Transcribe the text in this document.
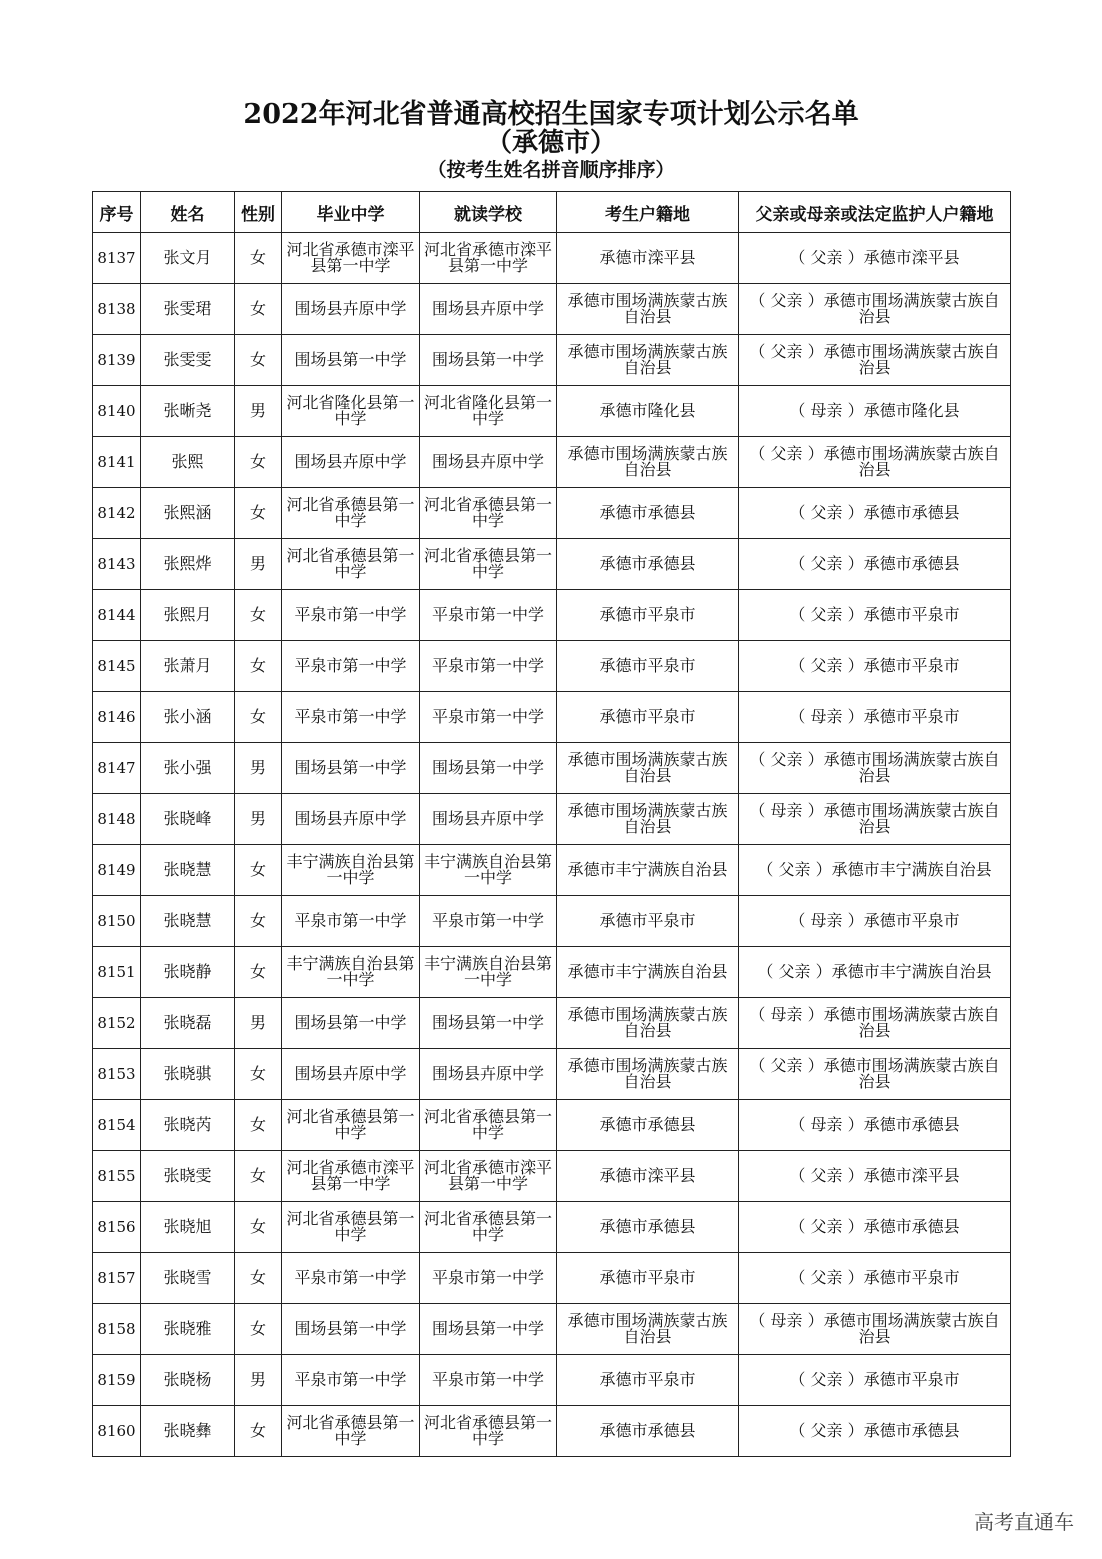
2022年河北省普通高校招生国家专项计划公示名单
（承德市）
（按考生姓名拼音顺序排序）
序号	姓名	性别	毕业中学	就读学校	考生户籍地	父亲或母亲或法定监护人户籍地
8137	张文月	女	河北省承德市滦平县第一中学	河北省承德市滦平县第一中学	承德市滦平县	（ 父亲 ）承德市滦平县
8138	张雯珺	女	围场县卉原中学	围场县卉原中学	承德市围场满族蒙古族自治县	（ 父亲 ）承德市围场满族蒙古族自治县
8139	张雯雯	女	围场县第一中学	围场县第一中学	承德市围场满族蒙古族自治县	（ 父亲 ）承德市围场满族蒙古族自治县
8140	张晰尧	男	河北省隆化县第一中学	河北省隆化县第一中学	承德市隆化县	（ 母亲 ）承德市隆化县
8141	张熙	女	围场县卉原中学	围场县卉原中学	承德市围场满族蒙古族自治县	（ 父亲 ）承德市围场满族蒙古族自治县
8142	张熙涵	女	河北省承德县第一中学	河北省承德县第一中学	承德市承德县	（ 父亲 ）承德市承德县
8143	张熙烨	男	河北省承德县第一中学	河北省承德县第一中学	承德市承德县	（ 父亲 ）承德市承德县
8144	张熙月	女	平泉市第一中学	平泉市第一中学	承德市平泉市	（ 父亲 ）承德市平泉市
8145	张萧月	女	平泉市第一中学	平泉市第一中学	承德市平泉市	（ 父亲 ）承德市平泉市
8146	张小涵	女	平泉市第一中学	平泉市第一中学	承德市平泉市	（ 母亲 ）承德市平泉市
8147	张小强	男	围场县第一中学	围场县第一中学	承德市围场满族蒙古族自治县	（ 父亲 ）承德市围场满族蒙古族自治县
8148	张晓峰	男	围场县卉原中学	围场县卉原中学	承德市围场满族蒙古族自治县	（ 母亲 ）承德市围场满族蒙古族自治县
8149	张晓慧	女	丰宁满族自治县第一中学	丰宁满族自治县第一中学	承德市丰宁满族自治县	（ 父亲 ）承德市丰宁满族自治县
8150	张晓慧	女	平泉市第一中学	平泉市第一中学	承德市平泉市	（ 母亲 ）承德市平泉市
8151	张晓静	女	丰宁满族自治县第一中学	丰宁满族自治县第一中学	承德市丰宁满族自治县	（ 父亲 ）承德市丰宁满族自治县
8152	张晓磊	男	围场县第一中学	围场县第一中学	承德市围场满族蒙古族自治县	（ 母亲 ）承德市围场满族蒙古族自治县
8153	张晓骐	女	围场县卉原中学	围场县卉原中学	承德市围场满族蒙古族自治县	（ 父亲 ）承德市围场满族蒙古族自治县
8154	张晓芮	女	河北省承德县第一中学	河北省承德县第一中学	承德市承德县	（ 母亲 ）承德市承德县
8155	张晓雯	女	河北省承德市滦平县第一中学	河北省承德市滦平县第一中学	承德市滦平县	（ 父亲 ）承德市滦平县
8156	张晓旭	女	河北省承德县第一中学	河北省承德县第一中学	承德市承德县	（ 父亲 ）承德市承德县
8157	张晓雪	女	平泉市第一中学	平泉市第一中学	承德市平泉市	（ 父亲 ）承德市平泉市
8158	张晓雅	女	围场县第一中学	围场县第一中学	承德市围场满族蒙古族自治县	（ 母亲 ）承德市围场满族蒙古族自治县
8159	张晓杨	男	平泉市第一中学	平泉市第一中学	承德市平泉市	（ 父亲 ）承德市平泉市
8160	张晓彝	女	河北省承德县第一中学	河北省承德县第一中学	承德市承德县	（ 父亲 ）承德市承德县
高考直通车
